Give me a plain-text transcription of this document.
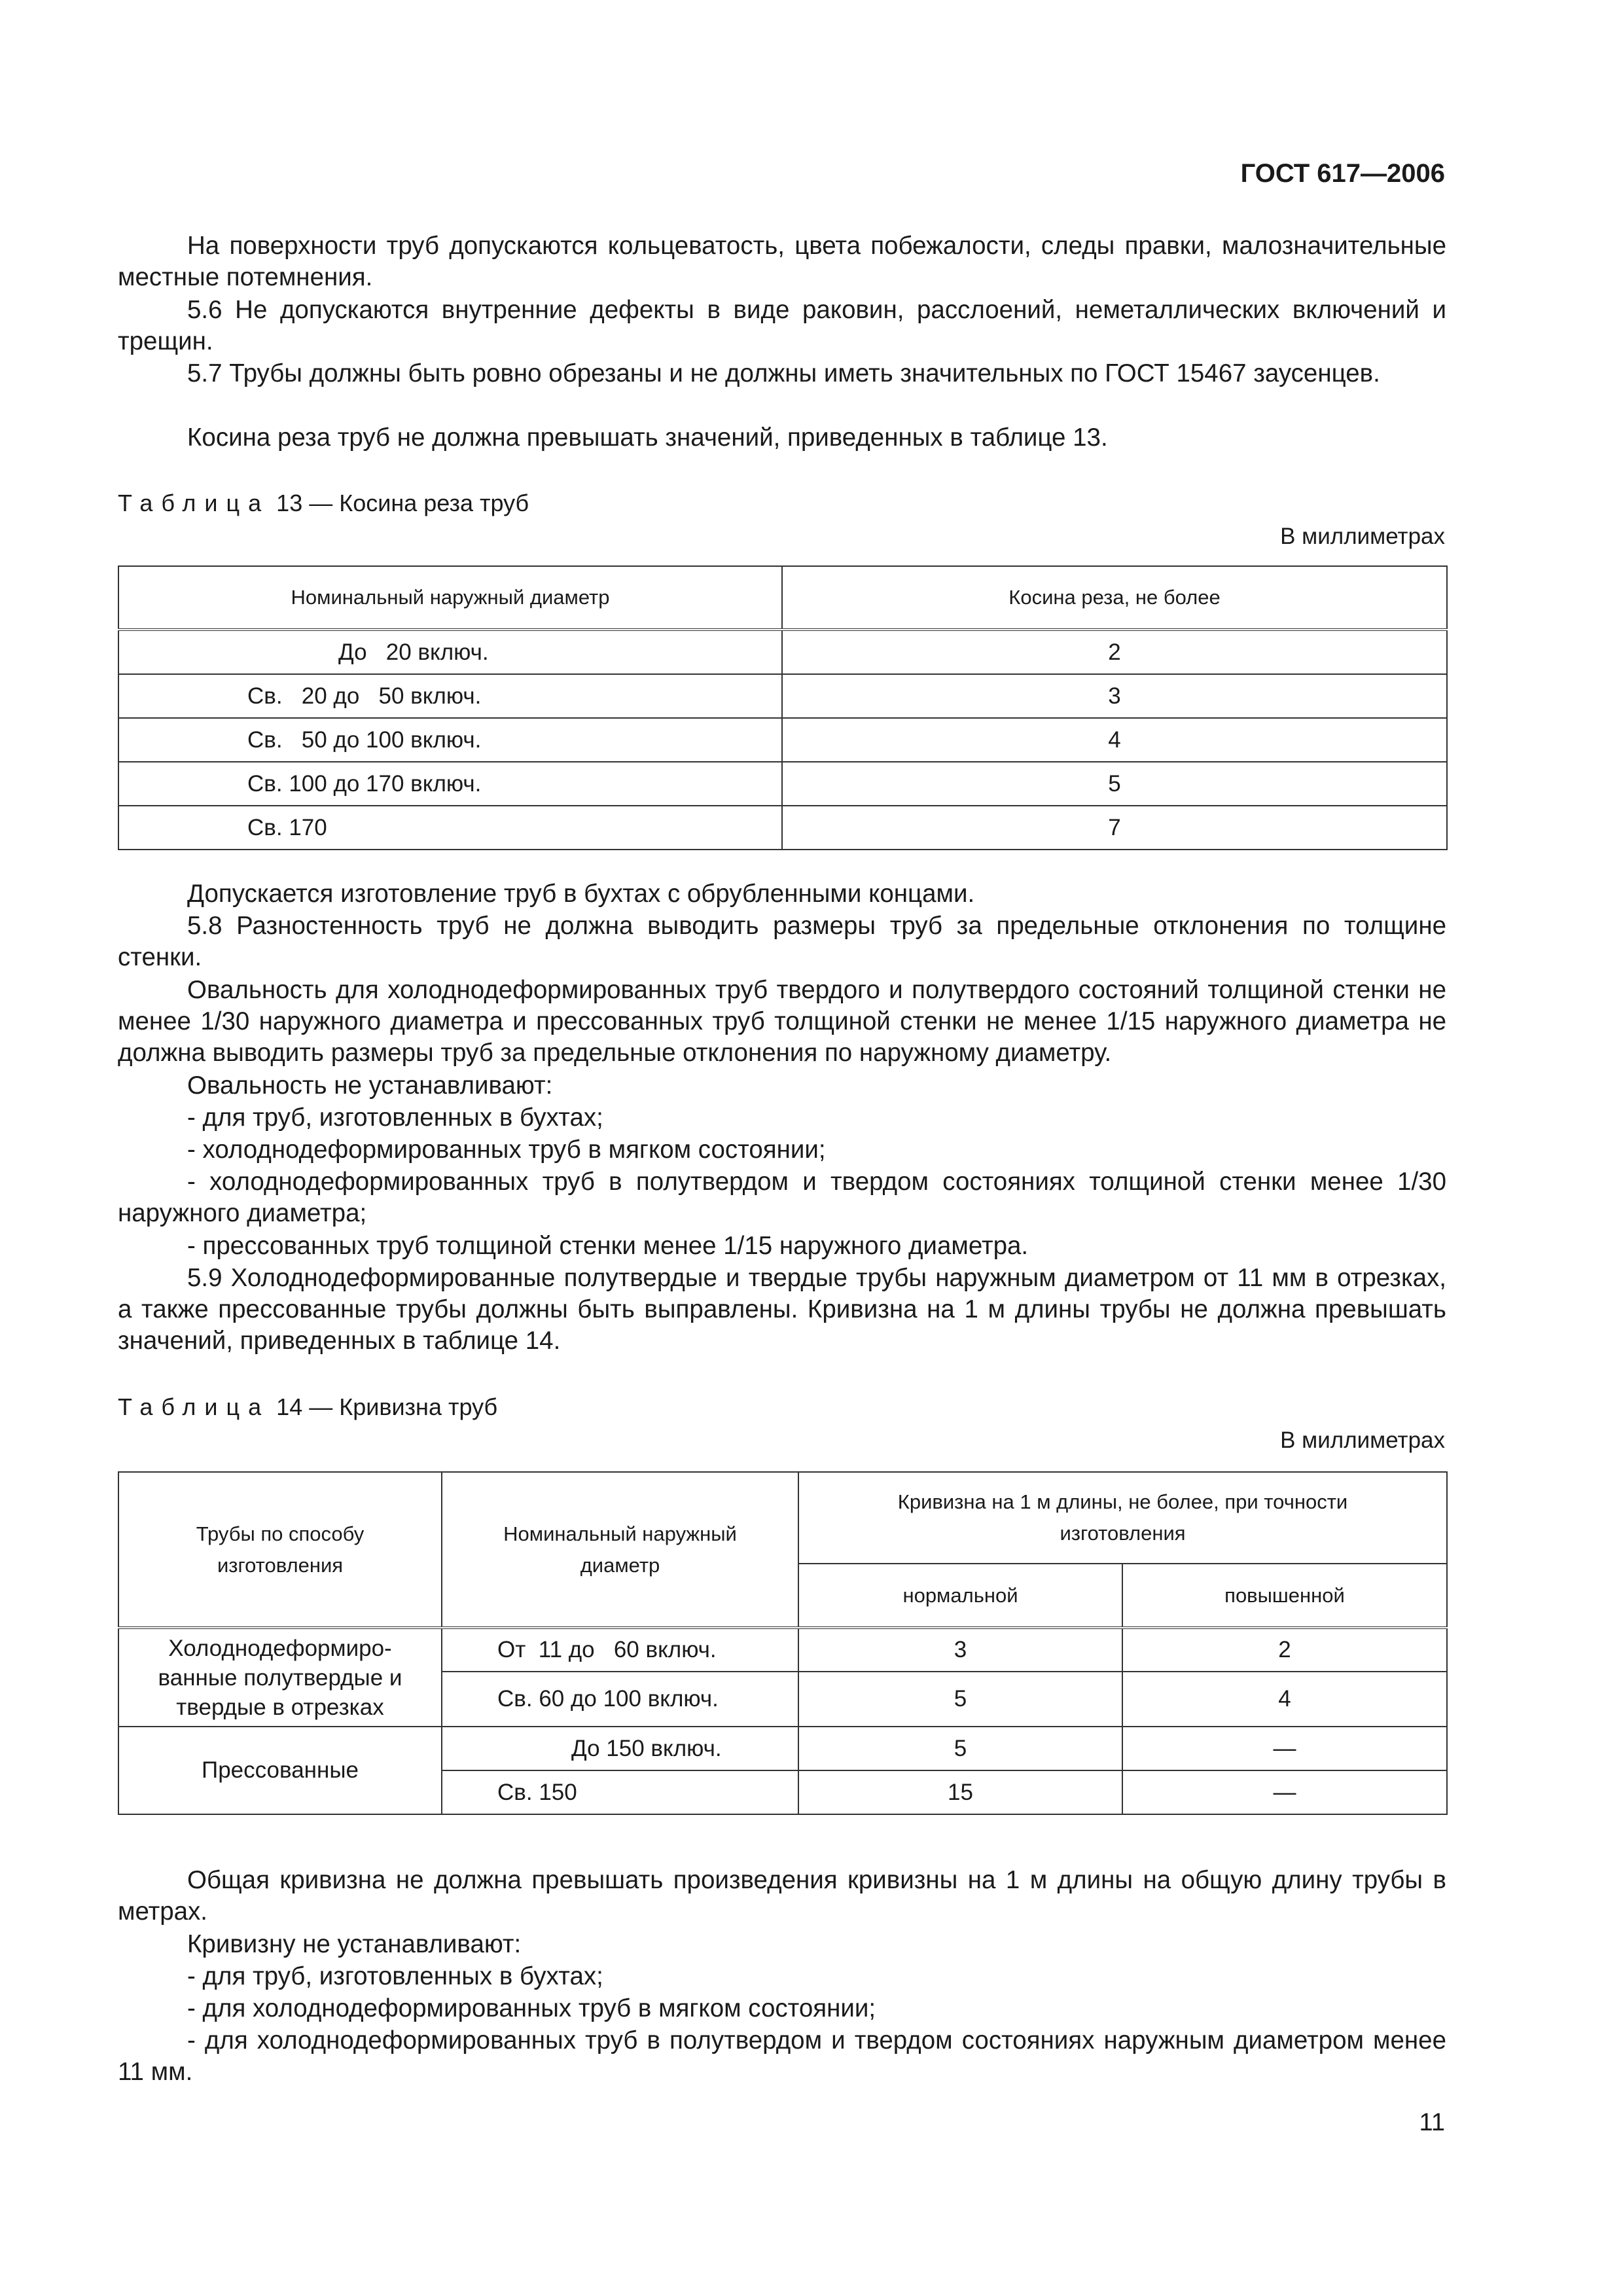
ГОСТ 617—2006
На поверхности труб допускаются кольцеватость, цвета побежалости, следы правки, малозначительные местные потемнения.
5.6 Не допускаются внутренние дефекты в виде раковин, расслоений, неметаллических включений и трещин.
5.7 Трубы должны быть ровно обрезаны и не должны иметь значительных по ГОСТ 15467 заусенцев.
Косина реза труб не должна превышать значений, приведенных в таблице 13.
Таблица 13 — Косина реза труб
В миллиметрах
Номинальный наружный диаметр	Косина реза, не более
До   20 включ.	2
Св.   20 до   50 включ.	3
Св.   50 до 100 включ.	4
Св. 100 до 170 включ.	5
Св. 170	7
Допускается изготовление труб в бухтах с обрубленными концами.
5.8 Разностенность труб не должна выводить размеры труб за предельные отклонения по толщине стенки.
Овальность для холоднодеформированных труб твердого и полутвердого состояний толщиной стенки не менее 1/30 наружного диаметра и прессованных труб толщиной стенки не менее 1/15 наружного диаметра не должна выводить размеры труб за предельные отклонения по наружному диаметру.
Овальность не устанавливают:
- для труб, изготовленных в бухтах;
- холоднодеформированных труб в мягком состоянии;
- холоднодеформированных труб в полутвердом и твердом состояниях толщиной стенки менее 1/30 наружного диаметра;
- прессованных труб толщиной стенки менее 1/15 наружного диаметра.
5.9 Холоднодеформированные полутвердые и твердые трубы наружным диаметром от 11 мм в отрезках, а также прессованные трубы должны быть выправлены. Кривизна на 1 м длины трубы не должна превышать значений, приведенных в таблице 14.
Таблица 14 — Кривизна труб
В миллиметрах
Трубы по способу изготовления	Номинальный наружный диаметр	Кривизна на 1 м длины, не более, при точности изготовления	
		нормальной	повышенной
Холоднодеформиро-ванные полутвердые и твердые в отрезках	От  11 до   60 включ.	3	2
	Св. 60 до 100 включ.	5	4
Прессованные	До 150 включ.	5	—
	Св. 150	15	—
Общая кривизна не должна превышать произведения кривизны на 1 м длины на общую длину трубы в метрах.
Кривизну не устанавливают:
- для труб, изготовленных в бухтах;
- для холоднодеформированных труб в мягком состоянии;
- для холоднодеформированных труб в полутвердом и твердом состояниях наружным диаметром менее 11 мм.
11
